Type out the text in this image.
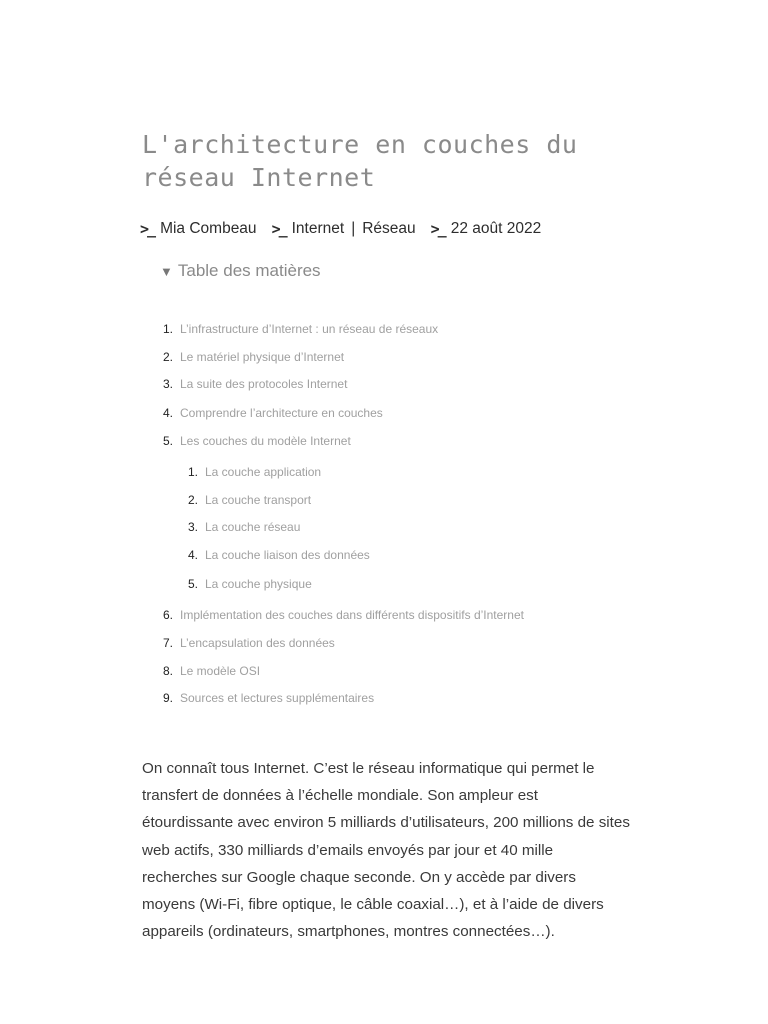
L'architecture en couches du réseau Internet
>_ Mia Combeau >_ Internet | Réseau >_ 22 août 2022
▼ Table des matières
1. L’infrastructure d’Internet : un réseau de réseaux
2. Le matériel physique d’Internet
3. La suite des protocoles Internet
4. Comprendre l’architecture en couches
5. Les couches du modèle Internet
1. La couche application
2. La couche transport
3. La couche réseau
4. La couche liaison des données
5. La couche physique
6. Implémentation des couches dans différents dispositifs d’Internet
7. L’encapsulation des données
8. Le modèle OSI
9. Sources et lectures supplémentaires

On connaît tous Internet. C’est le réseau informatique qui permet le transfert de données à l’échelle mondiale. Son ampleur est étourdissante avec environ 5 milliards d’utilisateurs, 200 millions de sites web actifs, 330 milliards d’emails envoyés par jour et 40 mille recherches sur Google chaque seconde. On y accède par divers moyens (Wi-Fi, fibre optique, le câble coaxial…), et à l’aide de divers appareils (ordinateurs, smartphones, montres connectées…).
